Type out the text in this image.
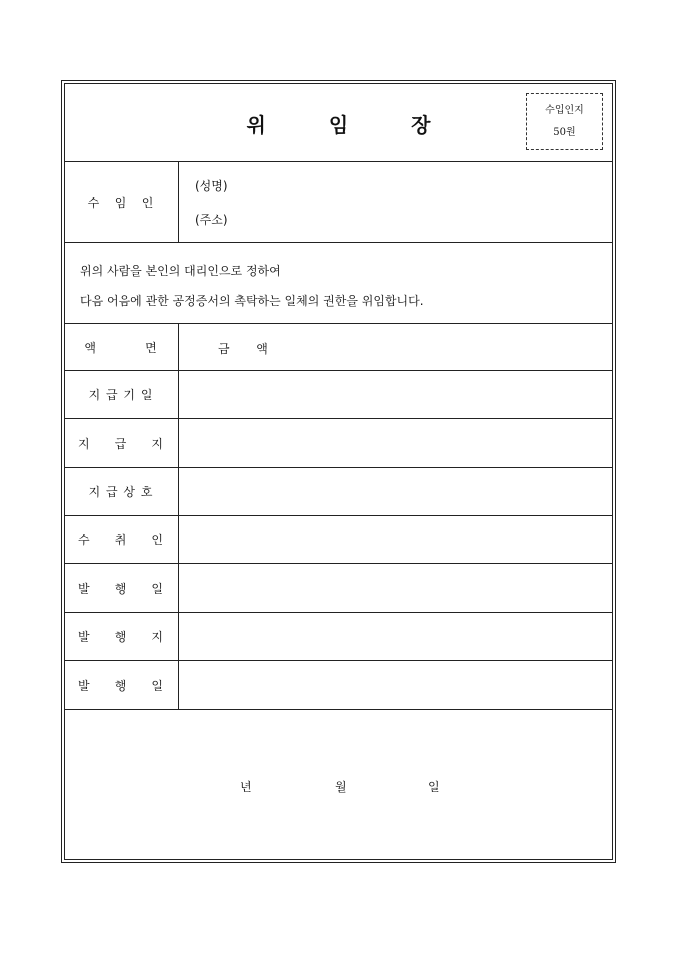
위 임 장
수입인지
50원
수   임   인
(성명)
(주소)
위의 사람을 본인의 대리인으로 정하여
다음 어음에 관한 공정증서의 촉탁하는 일체의 권한을 위임합니다.
액          면	금       액
지 급 기 일
지     급     지
지 급 상 호
수     취     인
발     행     일
발     행     지
발     행     일
년	월	일
